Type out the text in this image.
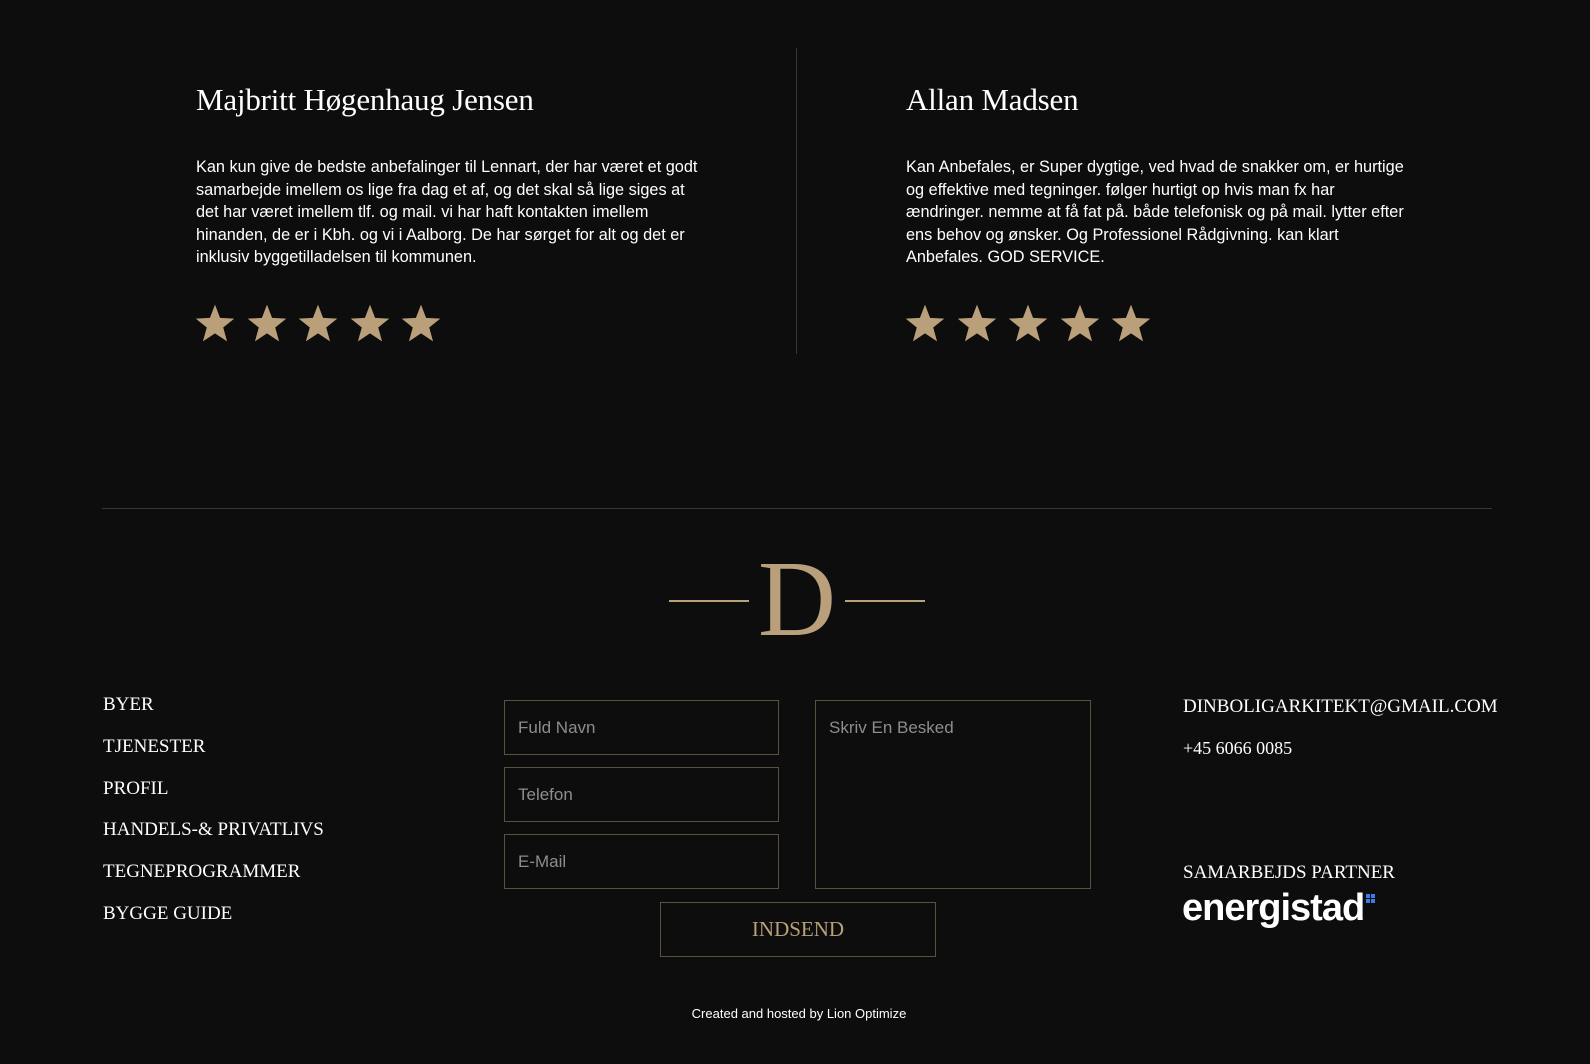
Majbritt Høgenhaug Jensen

Kan kun give de bedste anbefalinger til Lennart, der har været et godt samarbejde imellem os lige fra dag et af, og det skal så lige siges at det har været imellem tlf. og mail. vi har haft kontakten imellem hinanden, de er i Kbh. og vi i Aalborg. De har sørget for alt og det er inklusiv byggetilladelsen til kommunen.

Allan Madsen

Kan Anbefales, er Super dygtige, ved hvad de snakker om, er hurtige og effektive med tegninger. følger hurtigt op hvis man fx har ændringer. nemme at få fat på. både telefonisk og på mail. lytter efter ens behov og ønsker. Og Professionel Rådgivning. kan klart Anbefales. GOD SERVICE.

D
BYER
TJENESTER
PROFIL
HANDELS-& PRIVATLIVS
TEGNEPROGRAMMER
BYGGE GUIDE
Fuld Navn
Telefon
E-Mail
Skriv En Besked
INDSEND
DINBOLIGARKITEKT@GMAIL.COM
+45 6066 0085
SAMARBEJDS PARTNER
energistad
Created and hosted by Lion Optimize
